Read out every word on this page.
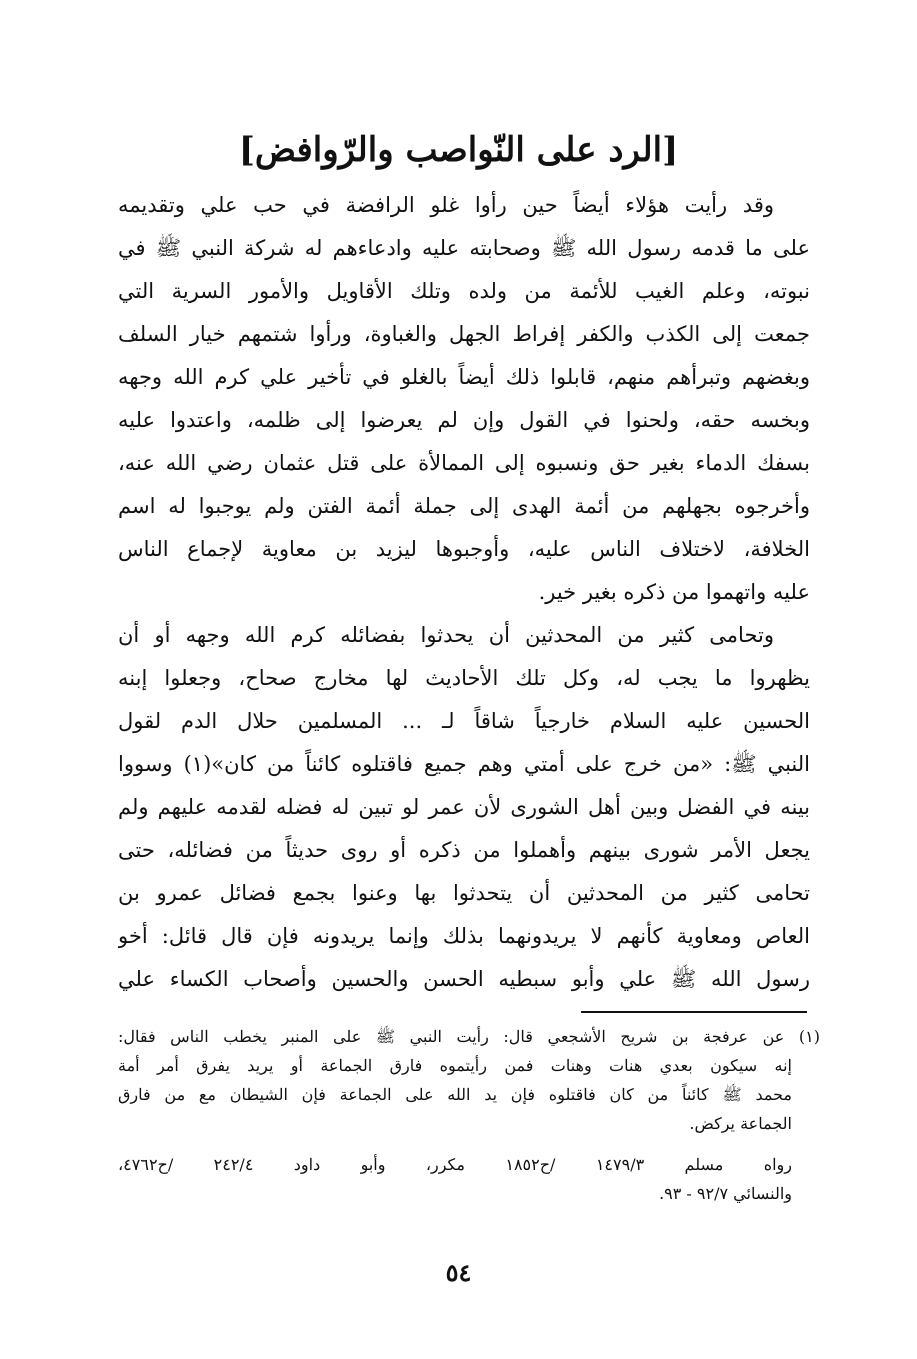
[الرد على النّواصب والرّوافض]
وقد رأيت هؤلاء أيضاً حين رأوا غلو الرافضة في حب علي وتقديمه
على ما قدمه رسول الله ﷺ وصحابته عليه وادعاءهم له شركة النبي ﷺ في
نبوته، وعلم الغيب للأئمة من ولده وتلك الأقاويل والأمور السرية التي
جمعت إلى الكذب والكفر إفراط الجهل والغباوة، ورأوا شتمهم خيار السلف
وبغضهم وتبرأهم منهم، قابلوا ذلك أيضاً بالغلو في تأخير علي كرم الله وجهه
وبخسه حقه، ولحنوا في القول وإن لم يعرضوا إلى ظلمه، واعتدوا عليه
بسفك الدماء بغير حق ونسبوه إلى الممالأة على قتل عثمان رضي الله عنه،
وأخرجوه بجهلهم من أئمة الهدى إلى جملة أئمة الفتن ولم يوجبوا له اسم
الخلافة، لاختلاف الناس عليه، وأوجبوها ليزيد بن معاوية لإجماع الناس
عليه واتهموا من ذكره بغير خير.
وتحامى كثير من المحدثين أن يحدثوا بفضائله كرم الله وجهه أو أن
يظهروا ما يجب له، وكل تلك الأحاديث لها مخارج صحاح، وجعلوا إبنه
الحسين عليه السلام خارجياً شاقاً لـ ... المسلمين حلال الدم لقول
النبي ﷺ: «من خرج على أمتي وهم جميع فاقتلوه كائناً من كان»(١) وسووا
بينه في الفضل وبين أهل الشورى لأن عمر لو تبين له فضله لقدمه عليهم ولم
يجعل الأمر شورى بينهم وأهملوا من ذكره أو روى حديثاً من فضائله، حتى
تحامى كثير من المحدثين أن يتحدثوا بها وعنوا بجمع فضائل عمرو بن
العاص ومعاوية كأنهم لا يريدونهما بذلك وإنما يريدونه فإن قال قائل: أخو
رسول الله ﷺ علي وأبو سبطيه الحسن والحسين وأصحاب الكساء علي
(١) عن عرفجة بن شريح الأشجعي قال: رأيت النبي ﷺ على المنبر يخطب الناس فقال:
إنه سيكون بعدي هنات وهنات فمن رأيتموه فارق الجماعة أو يريد يفرق أمر أمة
محمد ﷺ كائناً من كان فاقتلوه فإن يد الله على الجماعة فإن الشيطان مع من فارق
الجماعة يركض.
رواه مسلم ١٤٧٩/٣ /ح١٨٥٢ مكرر، وأبو داود ٢٤٢/٤ /ح٤٧٦٢،
والنسائي ٩٢/٧ - ٩٣.
٥٤
